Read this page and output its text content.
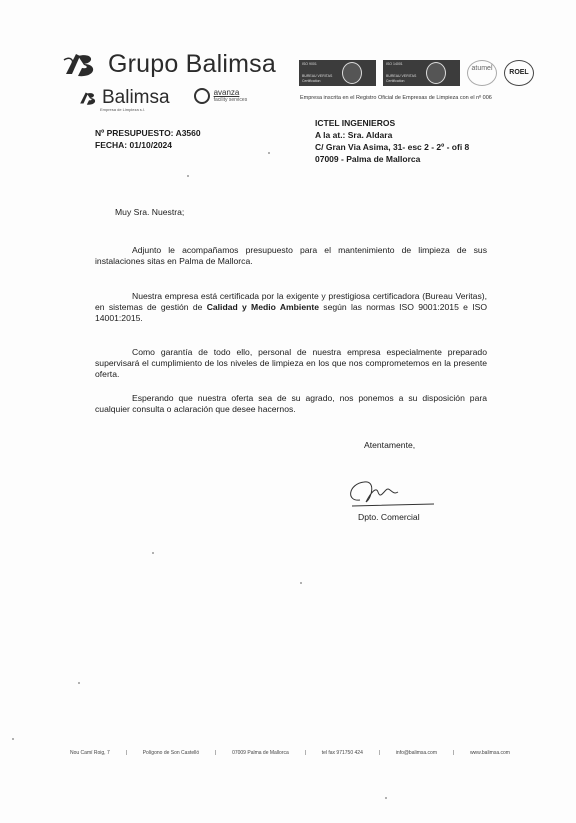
Grupo Balimsa
Balimsa
Empresa de Limpieza s.l.
avanza
facility services
ISO 9001
BUREAU VERITAS
Certification
ISO 14001
BUREAU VERITAS
Certification
atumel
ROEL
Empresa inscrita en el Registro Oficial de Empresas de Limpieza con el nº 006
Nº PRESUPUESTO: A3560
FECHA: 01/10/2024
ICTEL INGENIEROS
A la at.: Sra. Aldara
C/ Gran Via Asima, 31- esc 2 - 2º - ofi 8
07009 - Palma de Mallorca
Muy Sra. Nuestra;

Adjunto le acompañamos presupuesto para el mantenimiento de limpieza de sus instalaciones sitas en Palma de Mallorca.

Nuestra empresa está certificada por la exigente y prestigiosa certificadora (Bureau Veritas), en sistemas de gestión de Calidad y Medio Ambiente según las normas ISO 9001:2015 e ISO 14001:2015.

Como garantía de todo ello, personal de nuestra empresa especialmente preparado supervisará el cumplimiento de los niveles de limpieza en los que nos comprometemos en la presente oferta.

Esperando que nuestra oferta sea de su agrado, nos ponemos a su disposición para cualquier consulta o aclaración que desee hacernos.

Atentamente,
Dpto. Comercial
Nou Camí Roig, 7	|	Polígono de Son Castelló	|	07009 Palma de Mallorca	|	tel fax 971750 424	|	info@balimsa.com	|	www.balimsa.com
